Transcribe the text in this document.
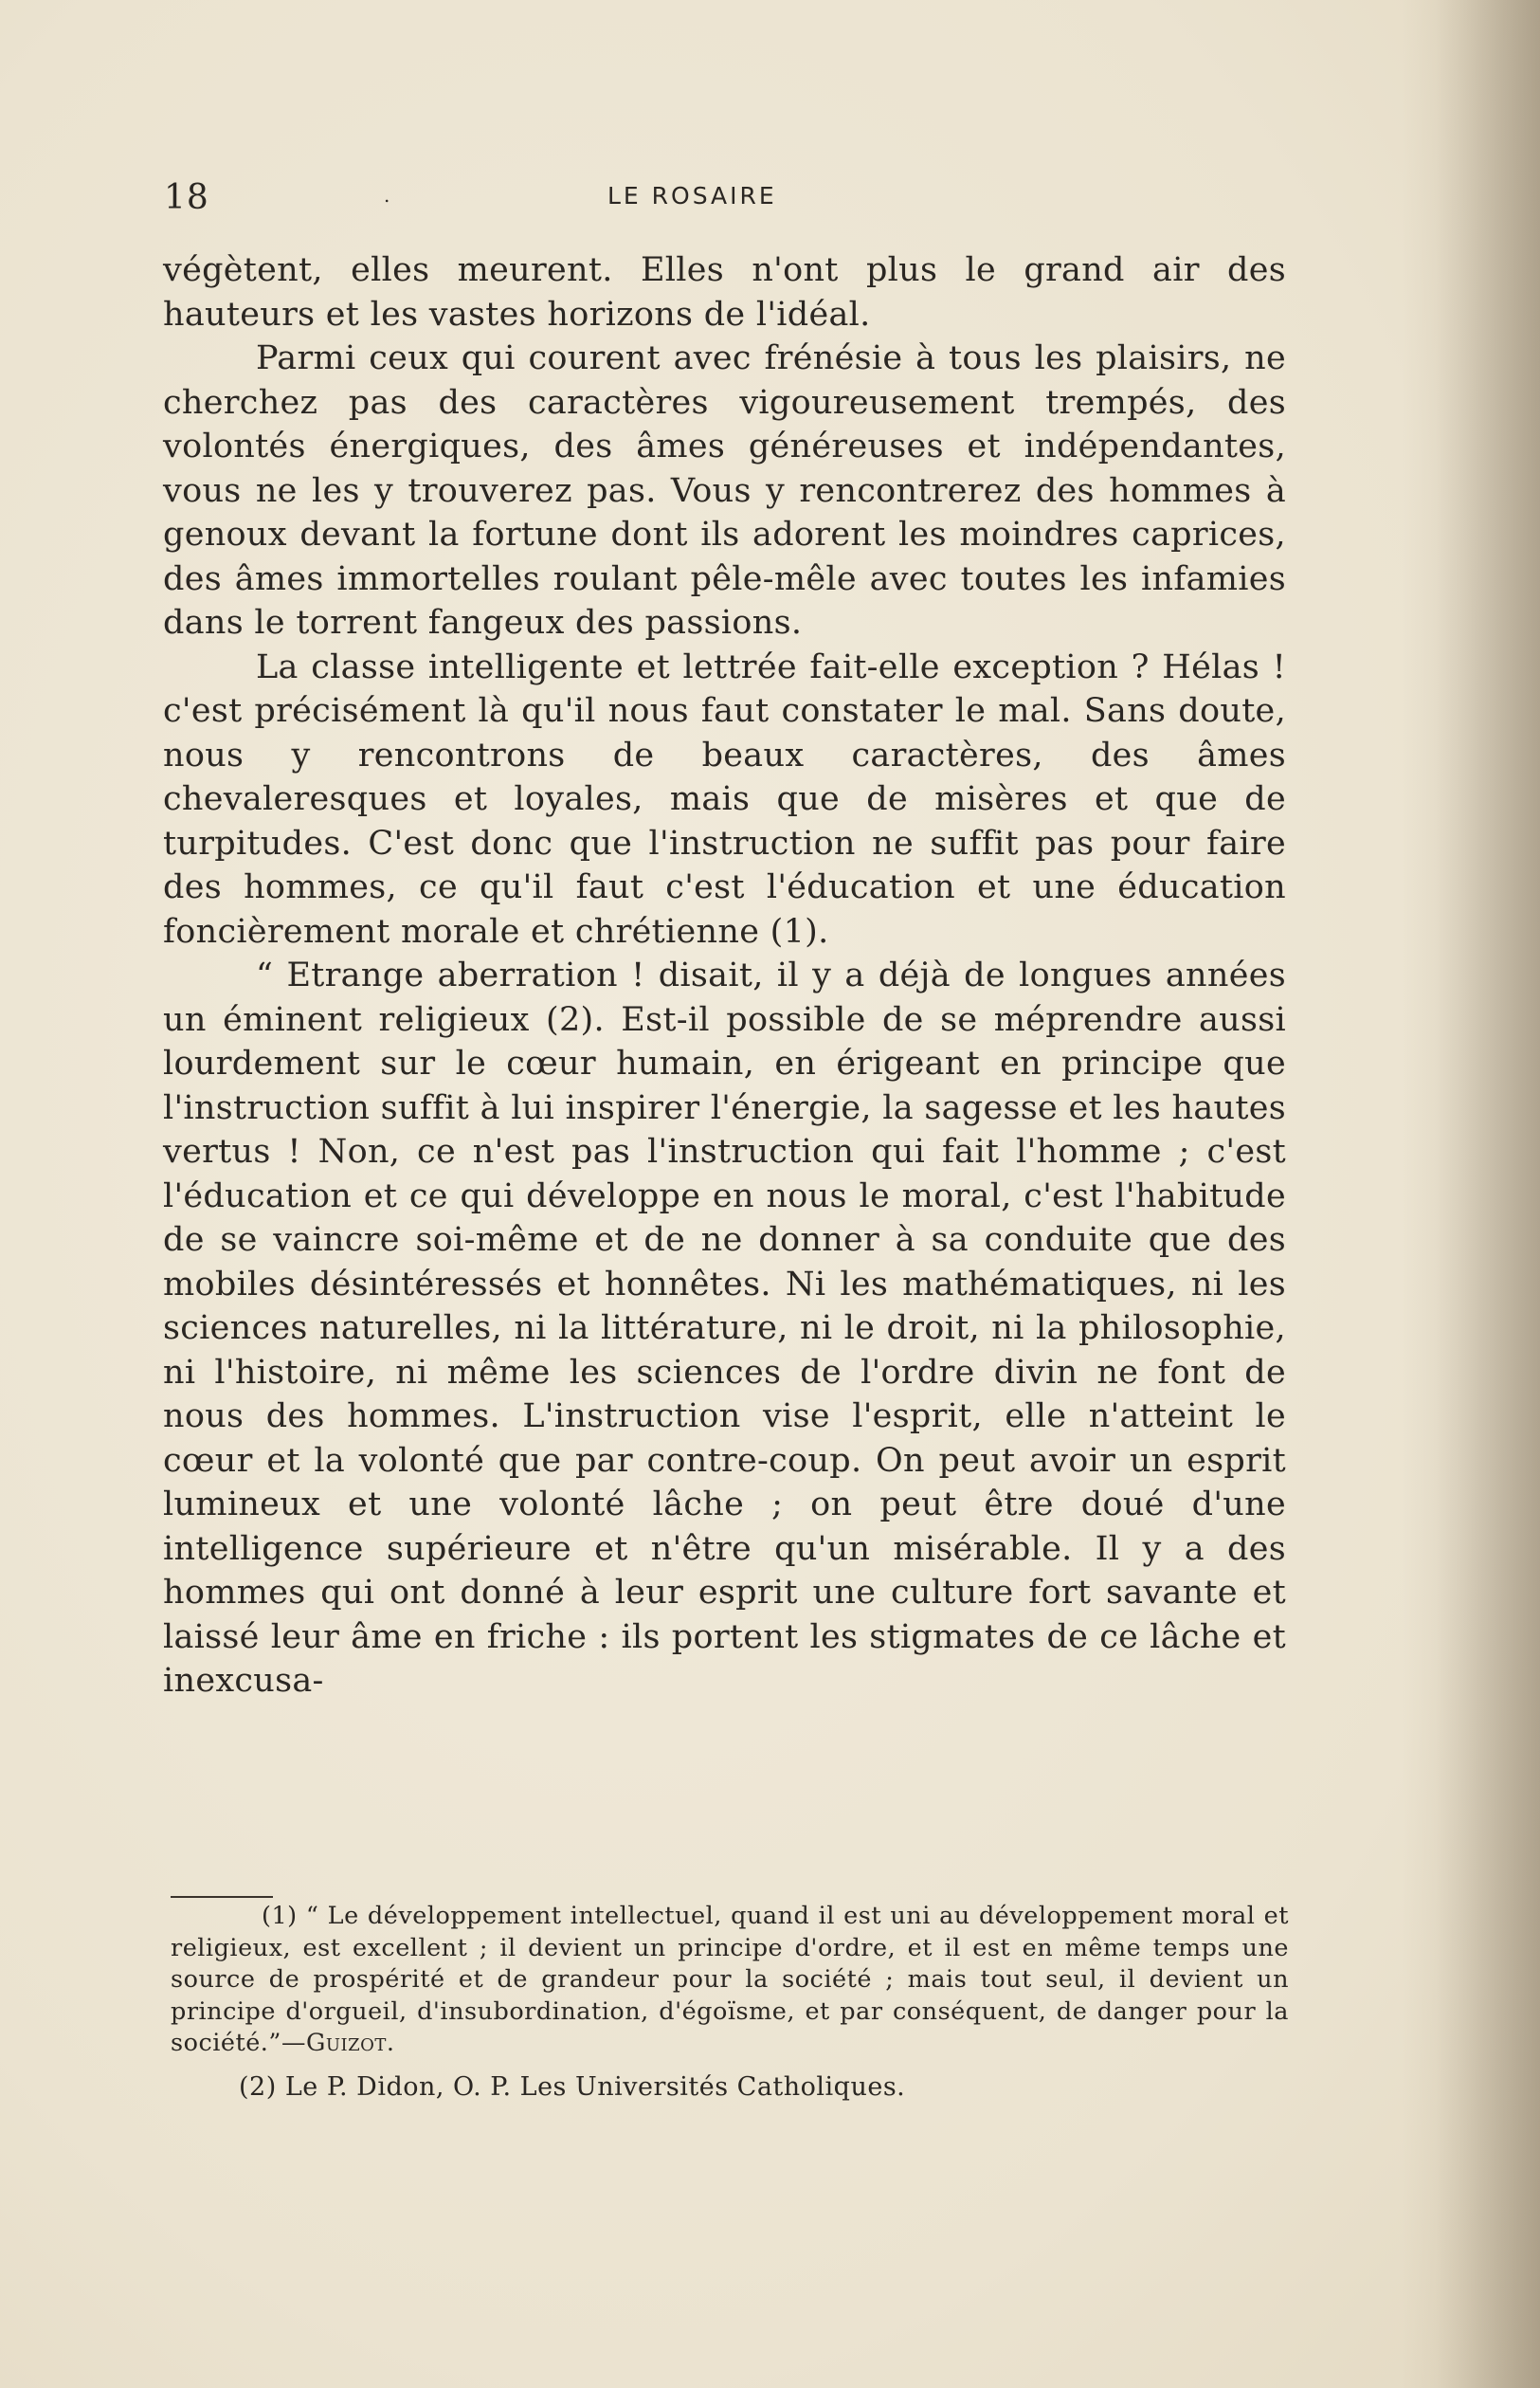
18	.	LE ROSAIRE

végètent, elles meurent. Elles n'ont plus le grand air des hauteurs et les vastes horizons de l'idéal.

Parmi ceux qui courent avec frénésie à tous les plaisirs, ne cherchez pas des caractères vigoureusement trempés, des volontés énergiques, des âmes généreuses et indépendantes, vous ne les y trouverez pas. Vous y rencontrerez des hommes à genoux devant la fortune dont ils adorent les moindres caprices, des âmes immortelles roulant pêle-mêle avec toutes les infamies dans le torrent fangeux des passions.

La classe intelligente et lettrée fait-elle exception ? Hélas ! c'est précisément là qu'il nous faut constater le mal. Sans doute, nous y rencontrons de beaux caractères, des âmes chevaleresques et loyales, mais que de misères et que de turpitudes. C'est donc que l'instruction ne suffit pas pour faire des hommes, ce qu'il faut c'est l'éducation et une éducation foncièrement morale et chrétienne (1).

“ Etrange aberration ! disait, il y a déjà de longues années un éminent religieux (2). Est-il possible de se méprendre aussi lourdement sur le cœur humain, en érigeant en principe que l'instruction suffit à lui inspirer l'énergie, la sagesse et les hautes vertus ! Non, ce n'est pas l'instruction qui fait l'homme ; c'est l'éducation et ce qui développe en nous le moral, c'est l'habitude de se vaincre soi-même et de ne donner à sa conduite que des mobiles désintéressés et honnêtes. Ni les mathématiques, ni les sciences naturelles, ni la littérature, ni le droit, ni la philosophie, ni l'histoire, ni même les sciences de l'ordre divin ne font de nous des hommes. L'instruction vise l'esprit, elle n'atteint le cœur et la volonté que par contre-coup. On peut avoir un esprit lumineux et une volonté lâche ; on peut être doué d'une intelligence supérieure et n'être qu'un misérable. Il y a des hommes qui ont donné à leur esprit une culture fort savante et laissé leur âme en friche : ils portent les stigmates de ce lâche et inexcusa-

(1) “ Le développement intellectuel, quand il est uni au développement moral et religieux, est excellent ; il devient un principe d'ordre, et il est en même temps une source de prospérité et de grandeur pour la société ; mais tout seul, il devient un principe d'orgueil, d'insubordination, d'égoïsme, et par conséquent, de danger pour la société.”—Guizot.

(2) Le P. Didon, O. P. Les Universités Catholiques.
